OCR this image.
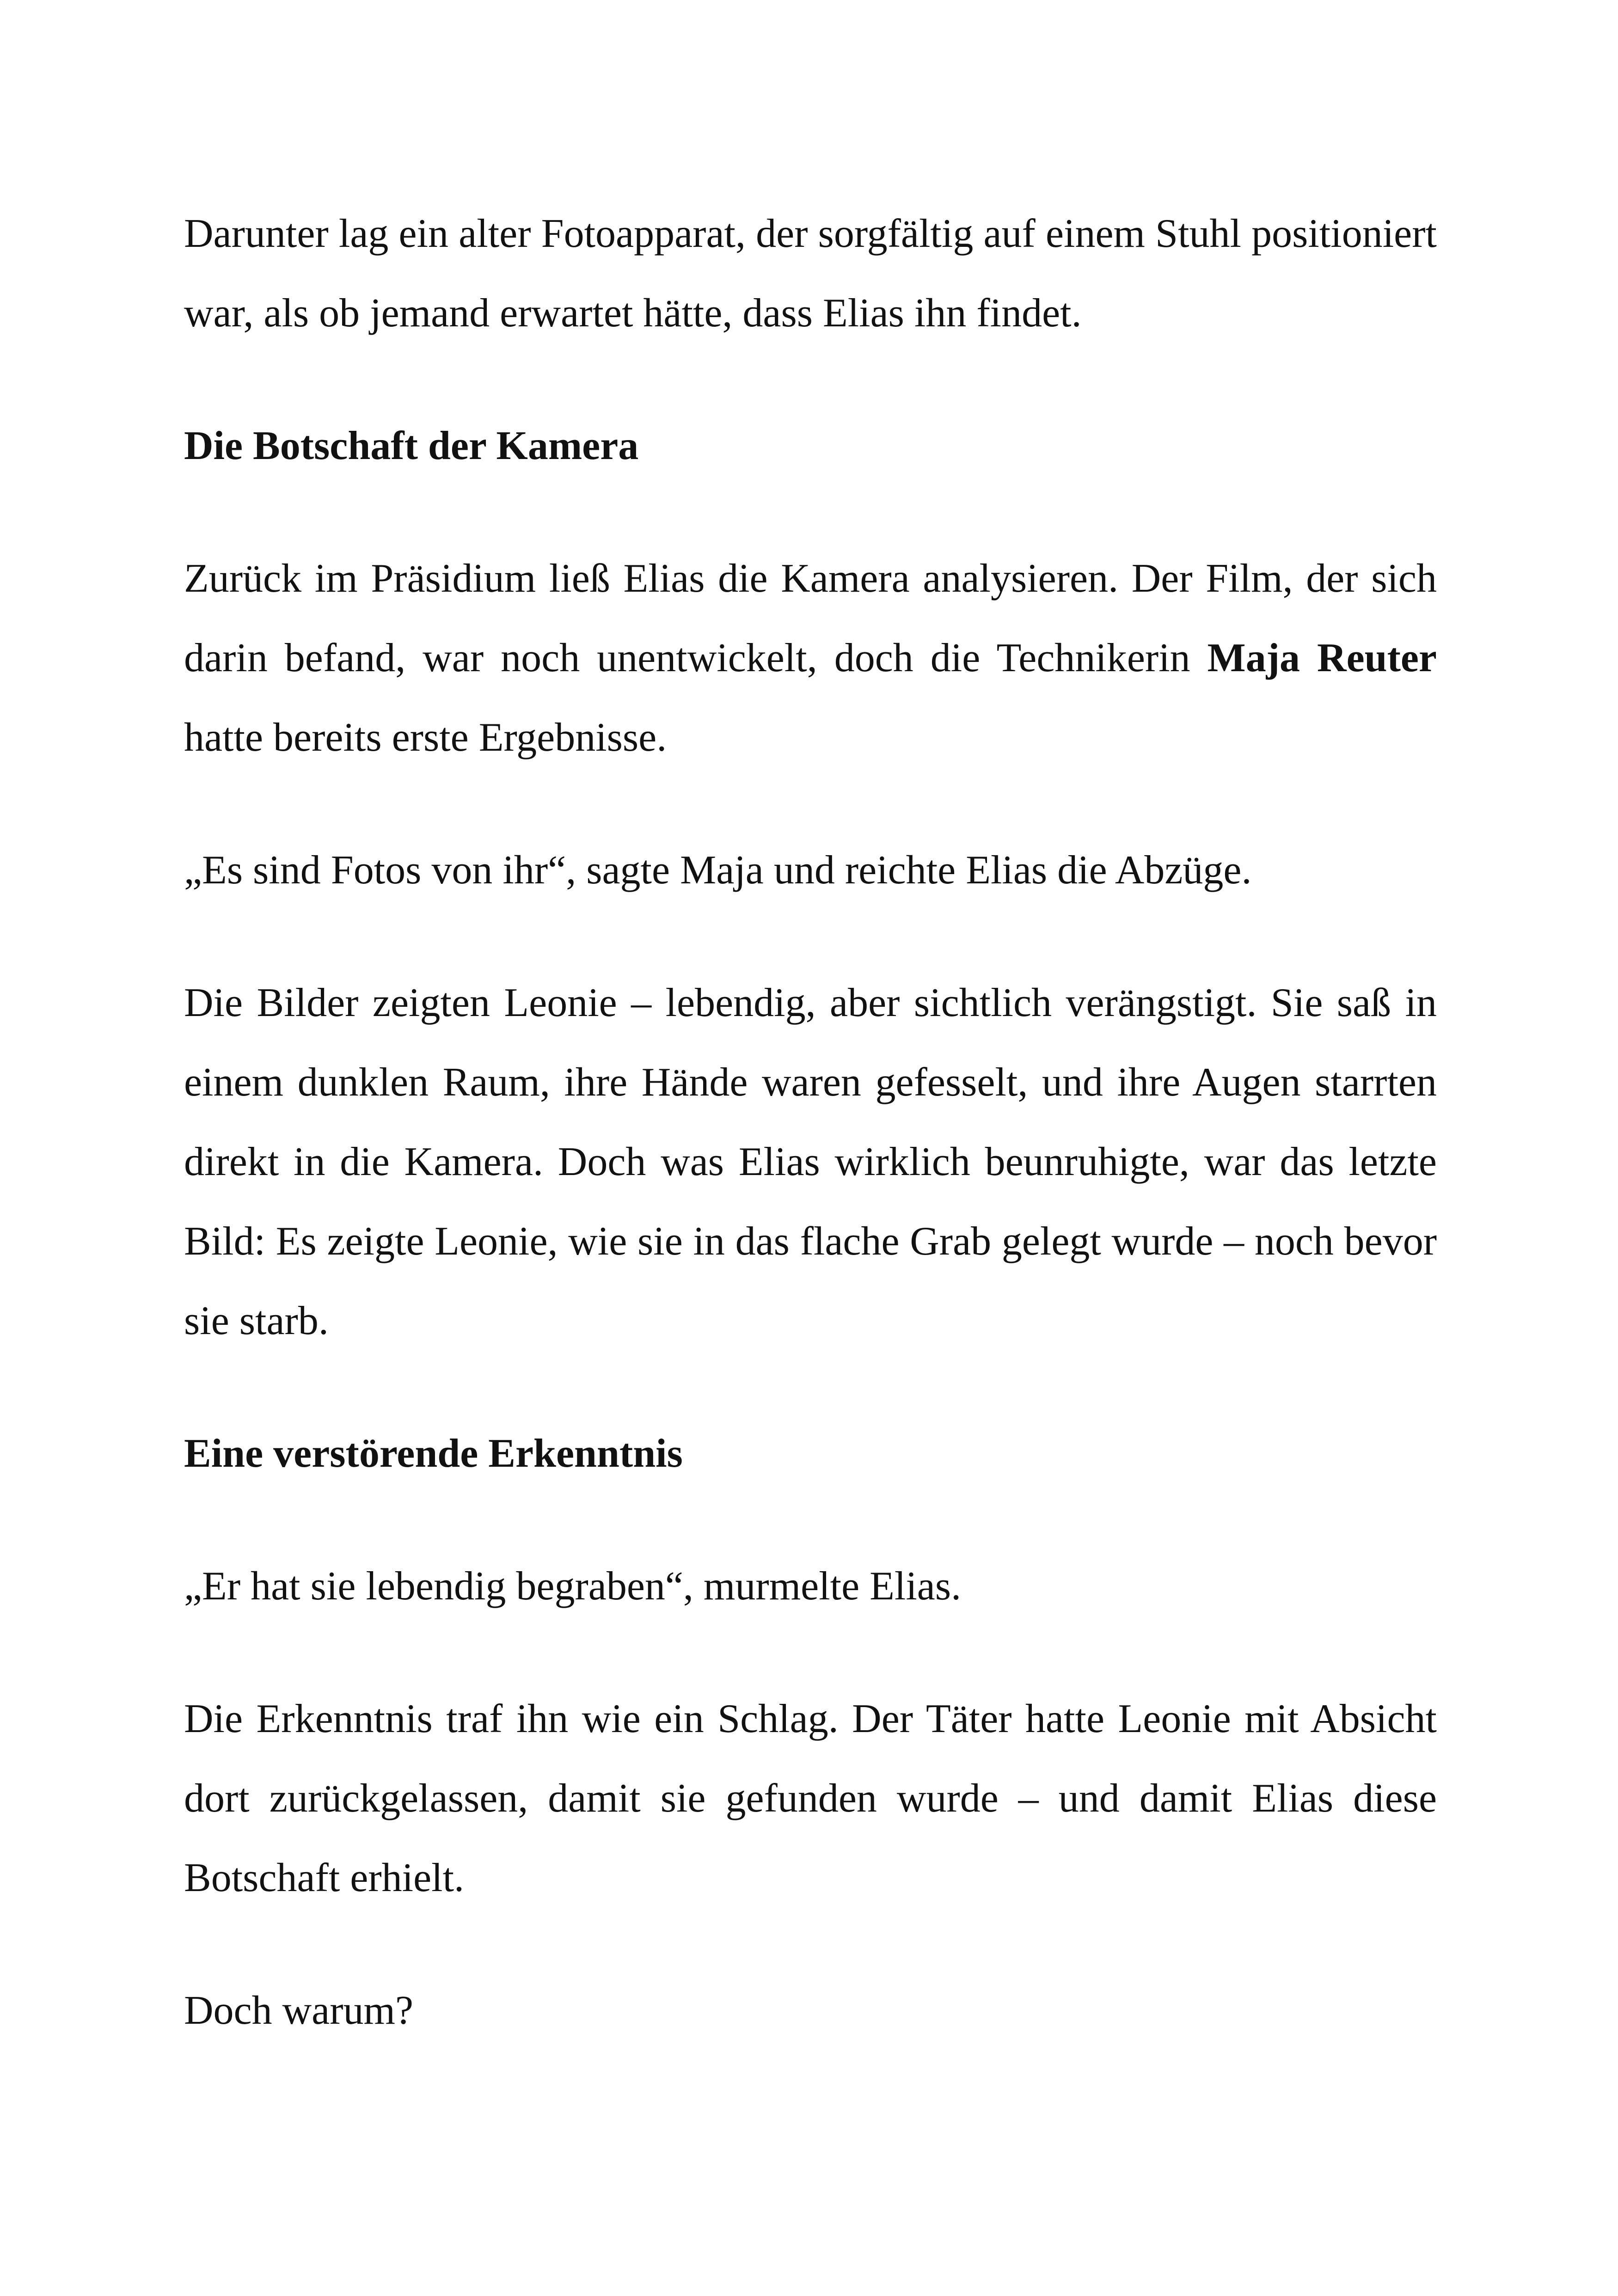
Darunter lag ein alter Fotoapparat, der sorgfältig auf einem Stuhl positioniert war, als ob jemand erwartet hätte, dass Elias ihn findet.

Die Botschaft der Kamera

Zurück im Präsidium ließ Elias die Kamera analysieren. Der Film, der sich darin befand, war noch unentwickelt, doch die Technikerin Maja Reuter hatte bereits erste Ergebnisse.

„Es sind Fotos von ihr“, sagte Maja und reichte Elias die Abzüge.

Die Bilder zeigten Leonie – lebendig, aber sichtlich verängstigt. Sie saß in einem dunklen Raum, ihre Hände waren gefesselt, und ihre Augen starrten direkt in die Kamera. Doch was Elias wirklich beunruhigte, war das letzte Bild: Es zeigte Leonie, wie sie in das flache Grab gelegt wurde – noch bevor sie starb.

Eine verstörende Erkenntnis

„Er hat sie lebendig begraben“, murmelte Elias.

Die Erkenntnis traf ihn wie ein Schlag. Der Täter hatte Leonie mit Absicht dort zurückgelassen, damit sie gefunden wurde – und damit Elias diese Botschaft erhielt.

Doch warum?
